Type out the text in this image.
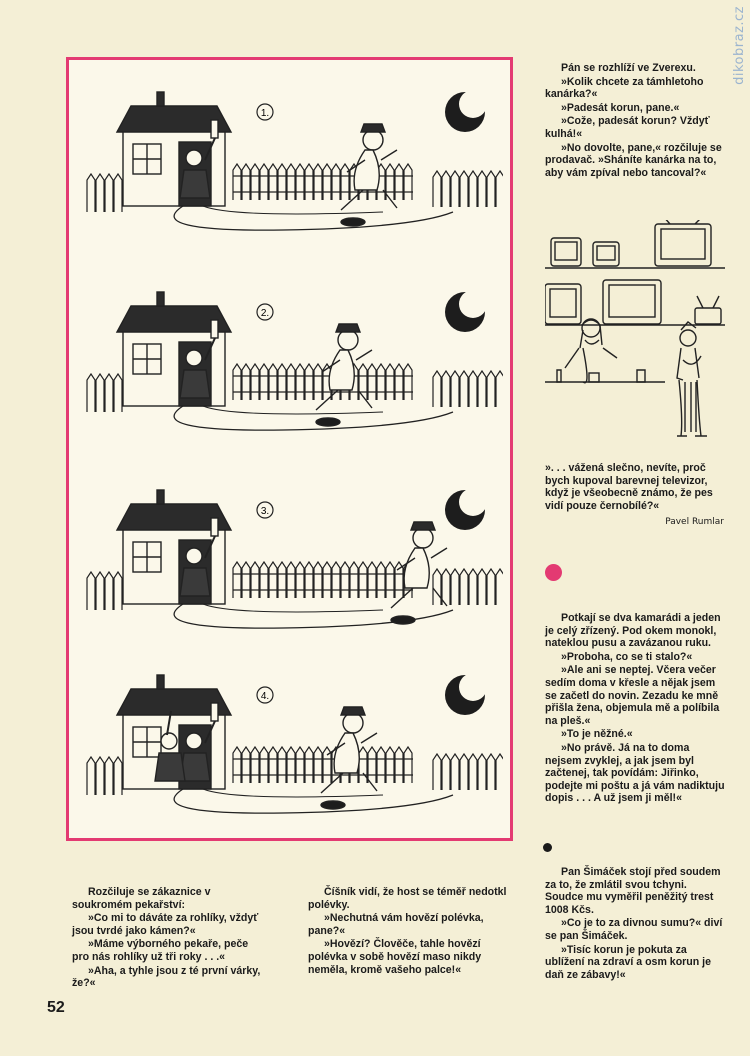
dikobraz.cz
1.
2.
3.
4.

Pán se rozhlíží ve Zverexu.

»Kolik chcete za támhletoho kanárka?«

»Padesát korun, pane.«

»Cože, padesát korun? Vždyť kulhá!«

»No dovolte, pane,« rozčiluje se prodavač. »Sháníte kanárka na to, aby vám zpíval nebo tancoval?«

». . . vážená slečno, nevíte, proč bych kupoval barevnej televizor, když je všeobecně známo, že pes vidí pouze černobílé?«

Pavel Rumlar

Potkají se dva kamarádi a jeden je celý zřízený. Pod okem monokl, nateklou pusu a zavázanou ruku.

»Proboha, co se ti stalo?«

»Ale ani se neptej. Včera večer sedím doma v křesle a nějak jsem se začetl do novin. Zezadu ke mně přišla žena, objemula mě a políbila na pleš.«

»To je něžné.«

»No právě. Já na to doma nejsem zvyklej, a jak jsem byl začtenej, tak povídám: Jiřinko, podejte mi poštu a já vám nadiktuju dopis . . . A už jsem ji měl!«

Pan Šimáček stojí před soudem za to, že zmlátil svou tchyni. Soudce mu vyměřil peněžitý trest 1008 Kčs.

»Co je to za divnou sumu?« diví se pan Šimáček.

»Tisíc korun je pokuta za ublížení na zdraví a osm korun je daň ze zábavy!«

Rozčiluje se zákaznice v soukromém pekařství:

»Co mi to dáváte za rohlíky, vždyť jsou tvrdé jako kámen?«

»Máme výborného pekaře, peče pro nás rohlíky už tři roky . . .«

»Aha, a tyhle jsou z té první várky, že?«

Číšník vidí, že host se téměř nedotkl polévky.

»Nechutná vám hovězí polévka, pane?«

»Hovězí? Člověče, tahle hovězí polévka v sobě hovězí maso nikdy neměla, kromě vašeho palce!«

52
